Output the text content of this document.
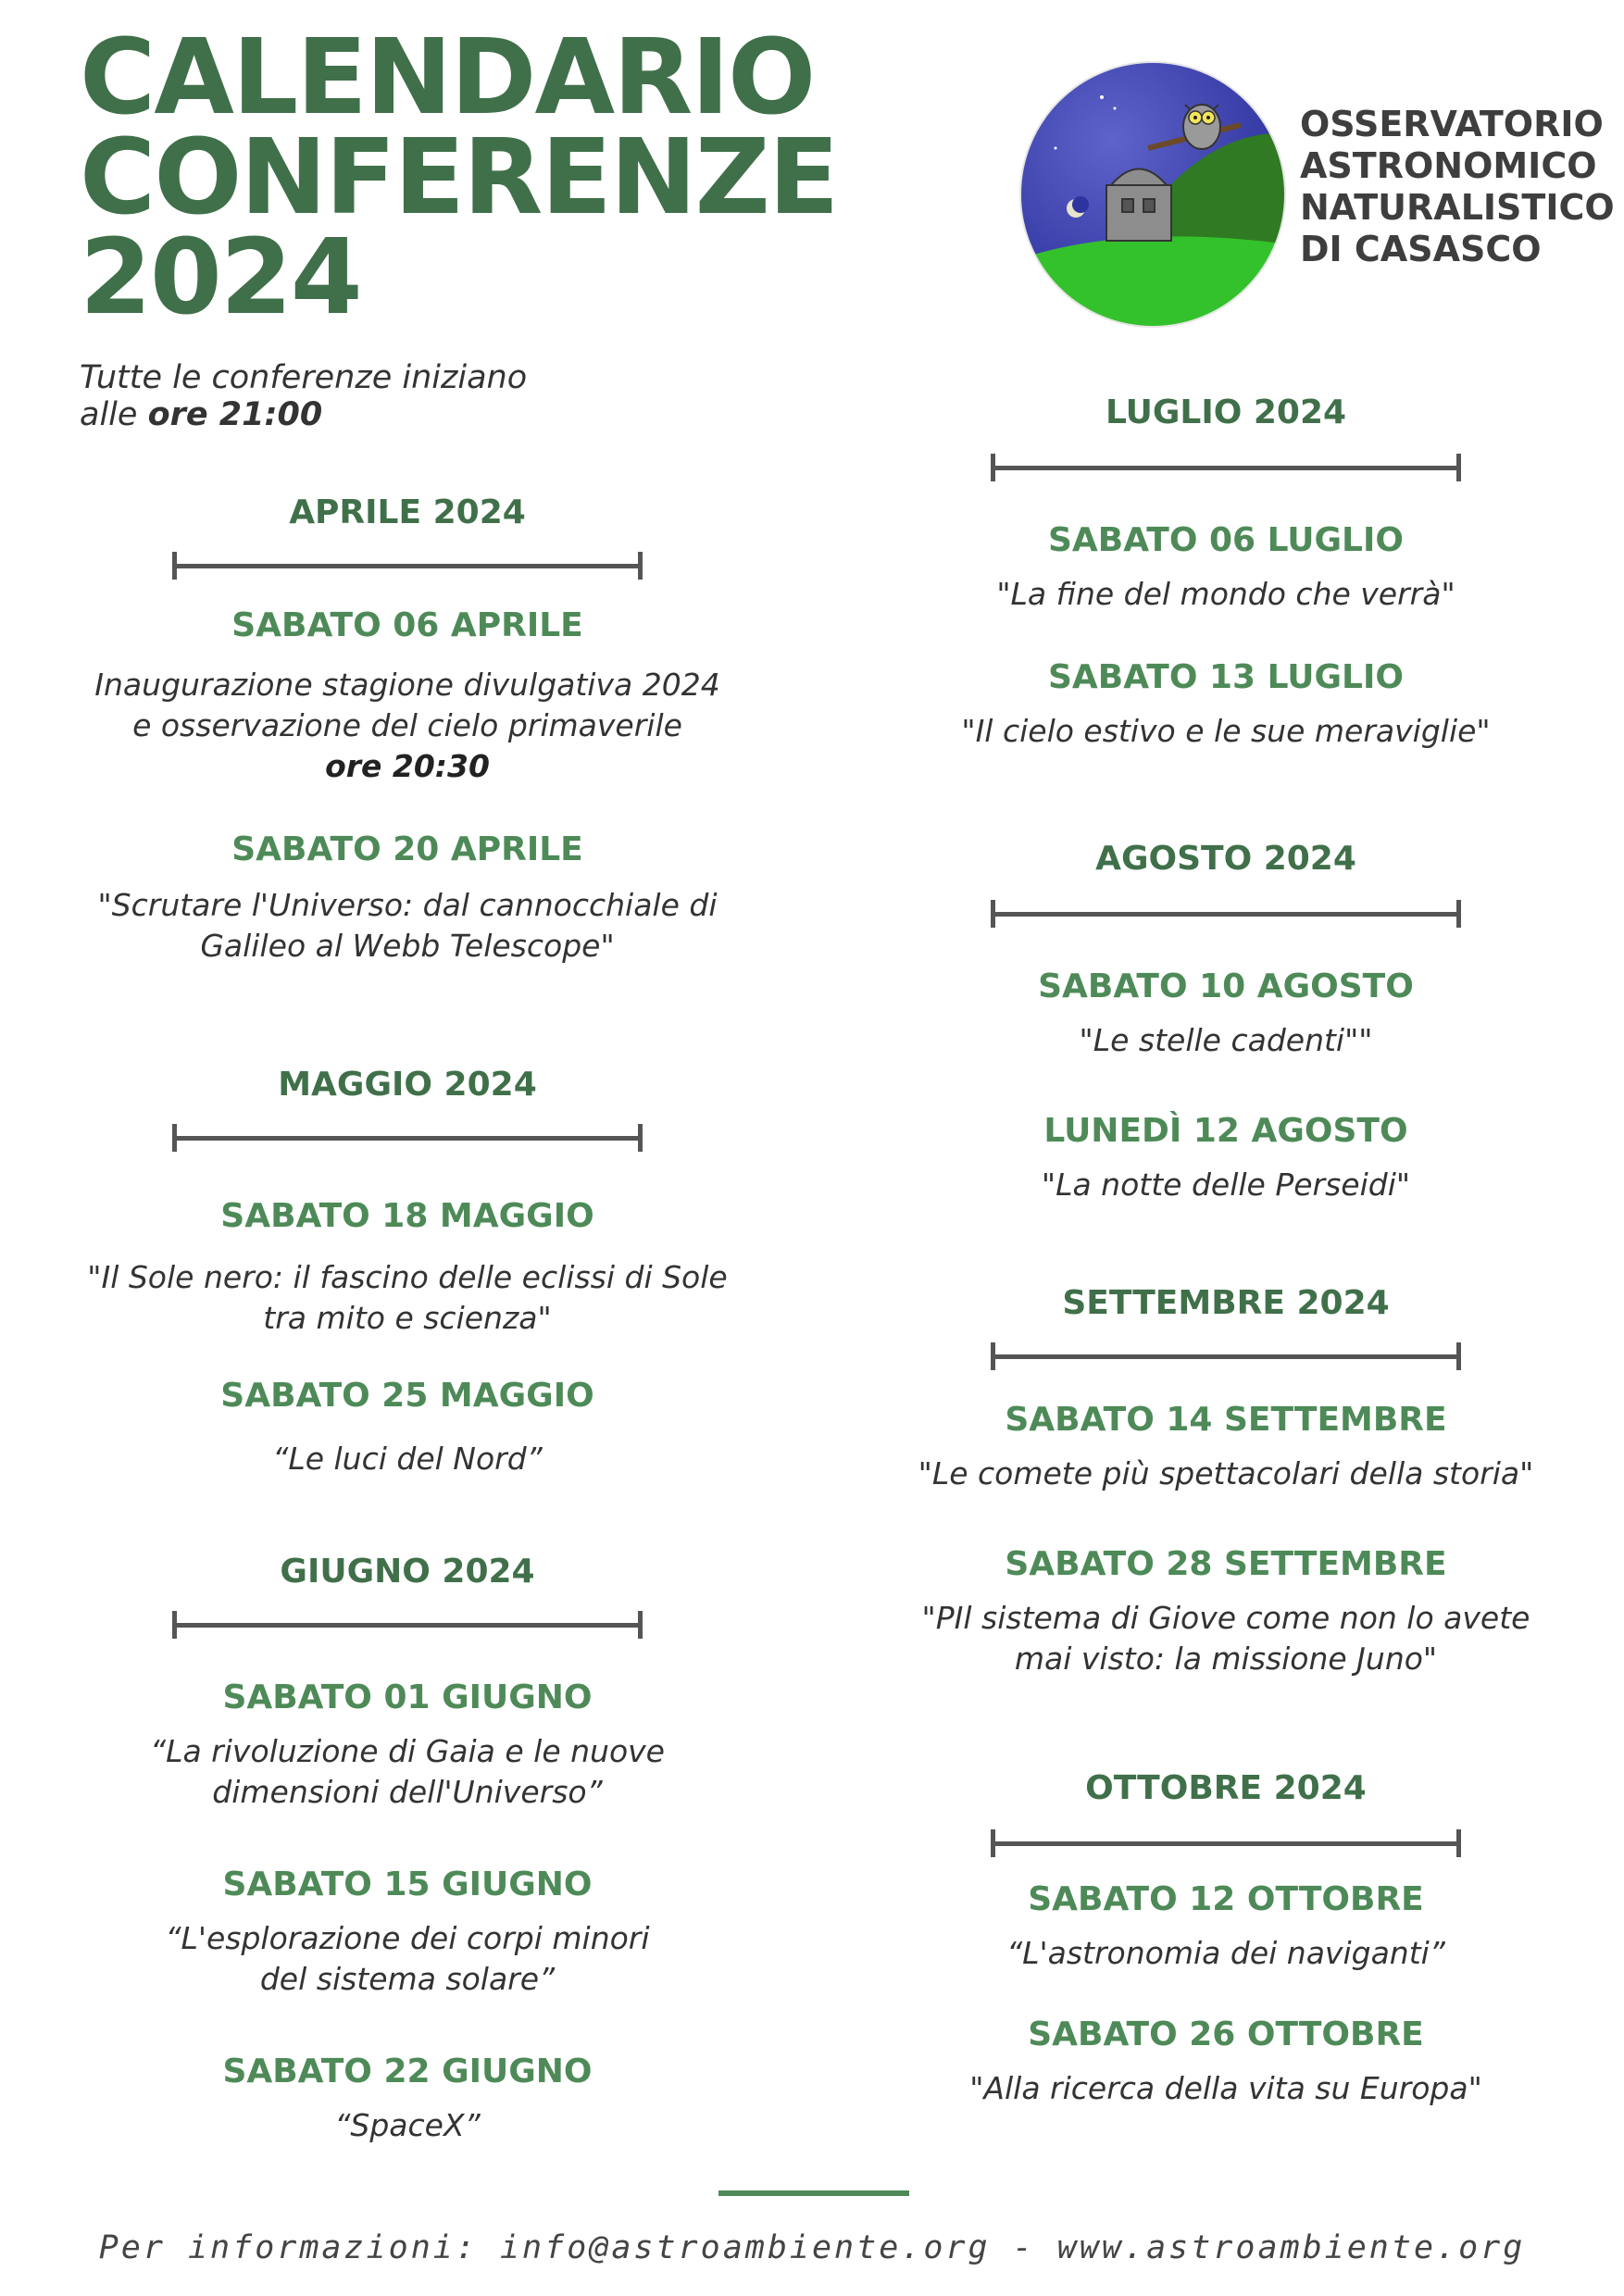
CALENDARIO
CONFERENZE
2024
Tutte le conferenze iniziano
alle ore 21:00
OSSERVATORIO
ASTRONOMICO
NATURALISTICO
DI CASASCO
APRILE 2024
SABATO 06 APRILE
Inaugurazione stagione divulgativa 2024
e osservazione del cielo primaverile
ore 20:30
SABATO 20 APRILE
"Scrutare l'Universo: dal cannocchiale di
Galileo al Webb Telescope"
MAGGIO 2024
SABATO 18 MAGGIO
"Il Sole nero: il fascino delle eclissi di Sole
tra mito e scienza"
SABATO 25 MAGGIO
“Le luci del Nord”
GIUGNO 2024
SABATO 01 GIUGNO
“La rivoluzione di Gaia e le nuove
dimensioni dell'Universo”
SABATO 15 GIUGNO
“L'esplorazione dei corpi minori
del sistema solare”
SABATO 22 GIUGNO
“SpaceX”
LUGLIO 2024
SABATO 06 LUGLIO
"La fine del mondo che verrà"
SABATO 13 LUGLIO
"Il cielo estivo e le sue meraviglie"
AGOSTO 2024
SABATO 10 AGOSTO
"Le stelle cadenti""
LUNEDÌ 12 AGOSTO
"La notte delle Perseidi"
SETTEMBRE 2024
SABATO 14 SETTEMBRE
"Le comete più spettacolari della storia"
SABATO 28 SETTEMBRE
"PIl sistema di Giove come non lo avete
mai visto: la missione Juno"
OTTOBRE 2024
SABATO 12 OTTOBRE
“L'astronomia dei naviganti”
SABATO 26 OTTOBRE
"Alla ricerca della vita su Europa"
Per informazioni: info@astroambiente.org - www.astroambiente.org
